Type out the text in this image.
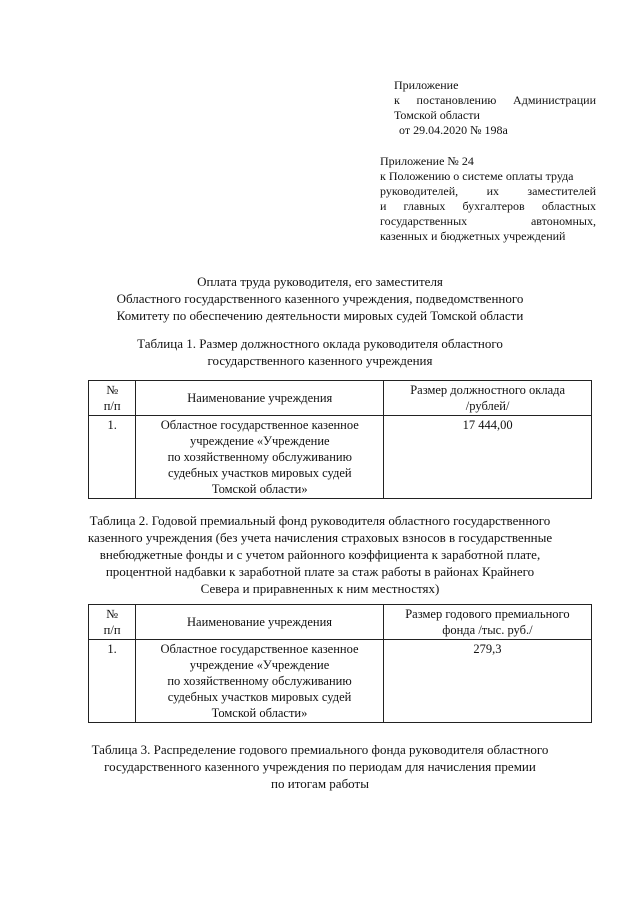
Приложение
к постановлению Администрации
Томской области
от 29.04.2020 № 198а
Приложение № 24
к Положению о системе оплаты труда
руководителей, их заместителей
и главных бухгалтеров областных
государственных автономных,
казенных и бюджетных учреждений
Оплата труда руководителя, его заместителя
Областного государственного казенного учреждения, подведомственного
Комитету по обеспечению деятельности мировых судей Томской области
Таблица 1. Размер должностного оклада руководителя областного
государственного казенного учреждения
№
п/п	Наименование учреждения	Размер должностного оклада
/рублей/

1.	Областное государственное казенное
учреждение «Учреждение
по хозяйственному обслуживанию
судебных участков мировых судей
Томской области»	17 444,00
Таблица 2. Годовой премиальный фонд руководителя областного государственного
казенного учреждения (без учета начисления страховых взносов в государственные
внебюджетные фонды и с учетом районного коэффициента к заработной плате,
процентной надбавки к заработной плате за стаж работы в районах Крайнего
Севера и приравненных к ним местностях)
№
п/п	Наименование учреждения	Размер годового премиального
фонда /тыс. руб./

1.	Областное государственное казенное
учреждение «Учреждение
по хозяйственному обслуживанию
судебных участков мировых судей
Томской области»	279,3
Таблица 3. Распределение годового премиального фонда руководителя областного
государственного казенного учреждения по периодам для начисления премии
по итогам работы
